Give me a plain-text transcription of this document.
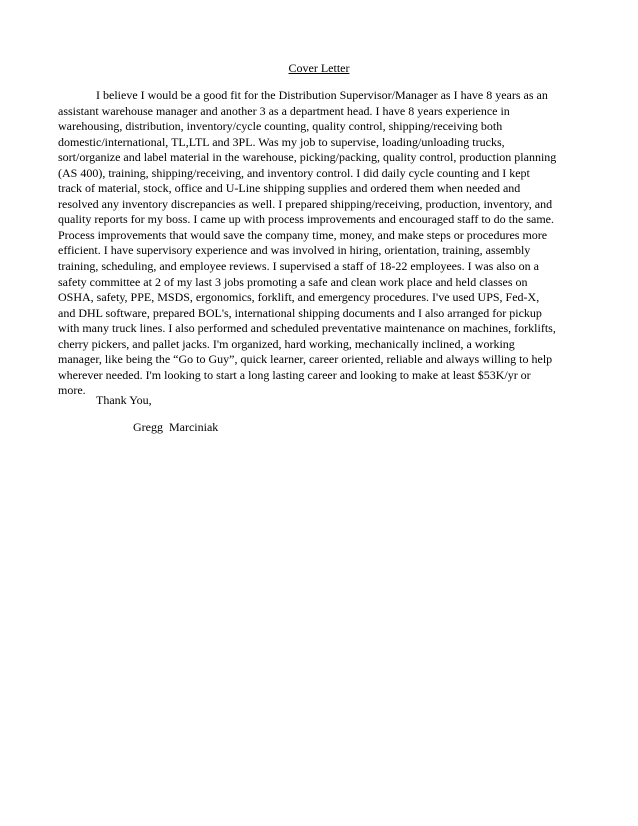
Cover Letter
I believe I would be a good fit for the Distribution Supervisor/Manager as I have 8 years as an
assistant warehouse manager and another 3 as a department head. I have 8 years experience in
warehousing, distribution, inventory/cycle counting, quality control, shipping/receiving both
domestic/international, TL,LTL and 3PL. Was my job to supervise, loading/unloading trucks,
sort/organize and label material in the warehouse, picking/packing, quality control, production planning
(AS 400), training, shipping/receiving, and inventory control. I did daily cycle counting and I kept
track of material, stock, office and U-Line shipping supplies and ordered them when needed and
resolved any inventory discrepancies as well. I prepared shipping/receiving, production, inventory, and
quality reports for my boss. I came up with process improvements and encouraged staff to do the same.
Process improvements that would save the company time, money, and make steps or procedures more
efficient. I have supervisory experience and was involved in hiring, orientation, training, assembly
training, scheduling, and employee reviews. I supervised a staff of 18-22 employees. I was also on a
safety committee at 2 of my last 3 jobs promoting a safe and clean work place and held classes on
OSHA, safety, PPE, MSDS, ergonomics, forklift, and emergency procedures. I've used UPS, Fed-X,
and DHL software, prepared BOL's, international shipping documents and I also arranged for pickup
with many truck lines. I also performed and scheduled preventative maintenance on machines, forklifts,
cherry pickers, and pallet jacks. I'm organized, hard working, mechanically inclined, a working
manager, like being the “Go to Guy”, quick learner, career oriented, reliable and always willing to help
wherever needed. I'm looking to start a long lasting career and looking to make at least $53K/yr or
more.
Thank You,
Gregg  Marciniak
